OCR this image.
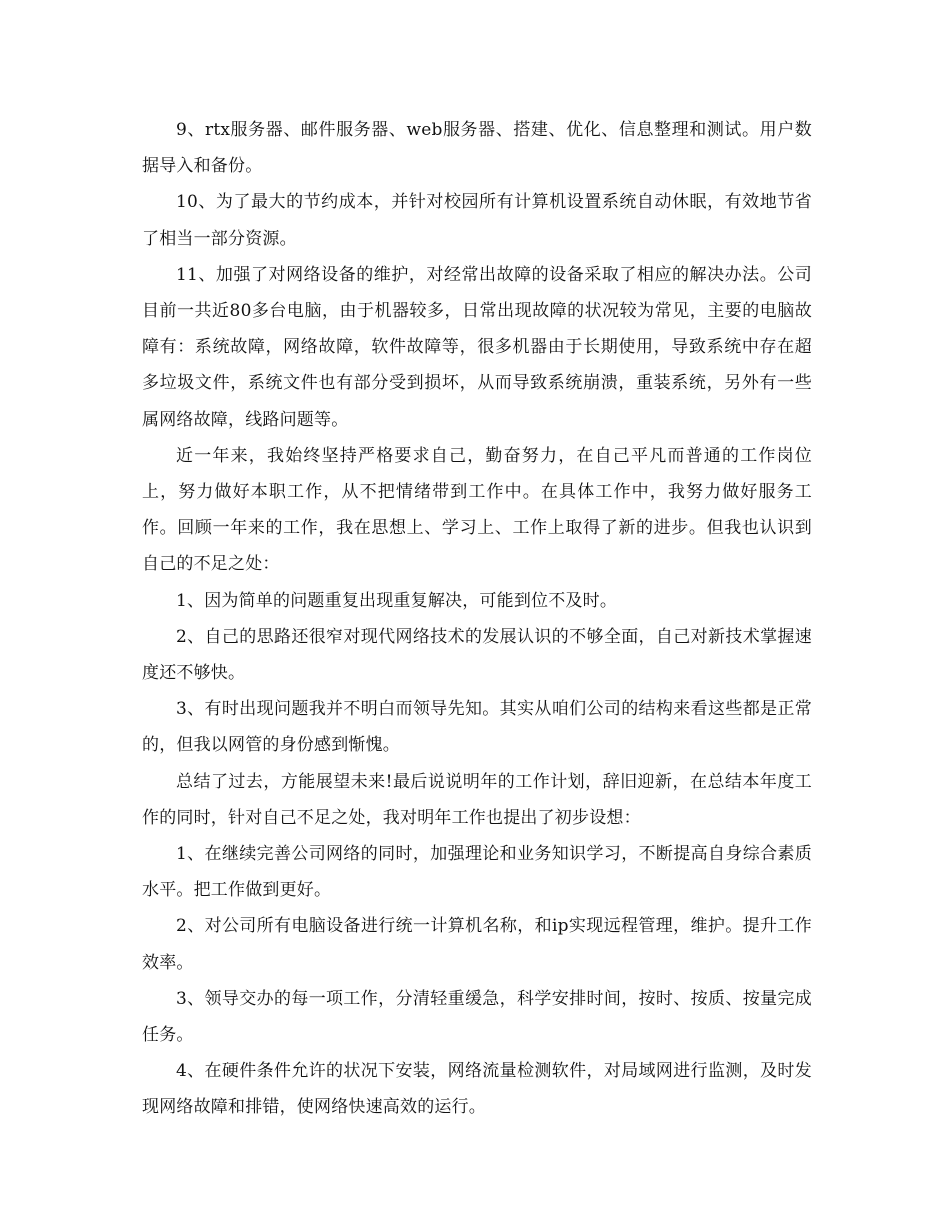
9、rtx服务器、邮件服务器、web服务器、搭建、优化、信息整理和测试。用户数据导入和备份。

10、为了最大的节约成本，并针对校园所有计算机设置系统自动休眠，有效地节省了相当一部分资源。

11、加强了对网络设备的维护，对经常出故障的设备采取了相应的解决办法。公司目前一共近80多台电脑，由于机器较多，日常出现故障的状况较为常见，主要的电脑故障有：系统故障，网络故障，软件故障等，很多机器由于长期使用，导致系统中存在超多垃圾文件，系统文件也有部分受到损坏，从而导致系统崩溃，重装系统，另外有一些属网络故障，线路问题等。

近一年来，我始终坚持严格要求自己，勤奋努力，在自己平凡而普通的工作岗位上，努力做好本职工作，从不把情绪带到工作中。在具体工作中，我努力做好服务工作。回顾一年来的工作，我在思想上、学习上、工作上取得了新的进步。但我也认识到自己的不足之处：

1、因为简单的问题重复出现重复解决，可能到位不及时。

2、自己的思路还很窄对现代网络技术的发展认识的不够全面，自己对新技术掌握速度还不够快。

3、有时出现问题我并不明白而领导先知。其实从咱们公司的结构来看这些都是正常的，但我以网管的身份感到惭愧。

总结了过去，方能展望未来!最后说说明年的工作计划，辞旧迎新，在总结本年度工作的同时，针对自己不足之处，我对明年工作也提出了初步设想：

1、在继续完善公司网络的同时，加强理论和业务知识学习，不断提高自身综合素质水平。把工作做到更好。

2、对公司所有电脑设备进行统一计算机名称，和ip实现远程管理，维护。提升工作效率。

3、领导交办的每一项工作，分清轻重缓急，科学安排时间，按时、按质、按量完成任务。

4、在硬件条件允许的状况下安装，网络流量检测软件，对局域网进行监测，及时发现网络故障和排错，使网络快速高效的运行。
